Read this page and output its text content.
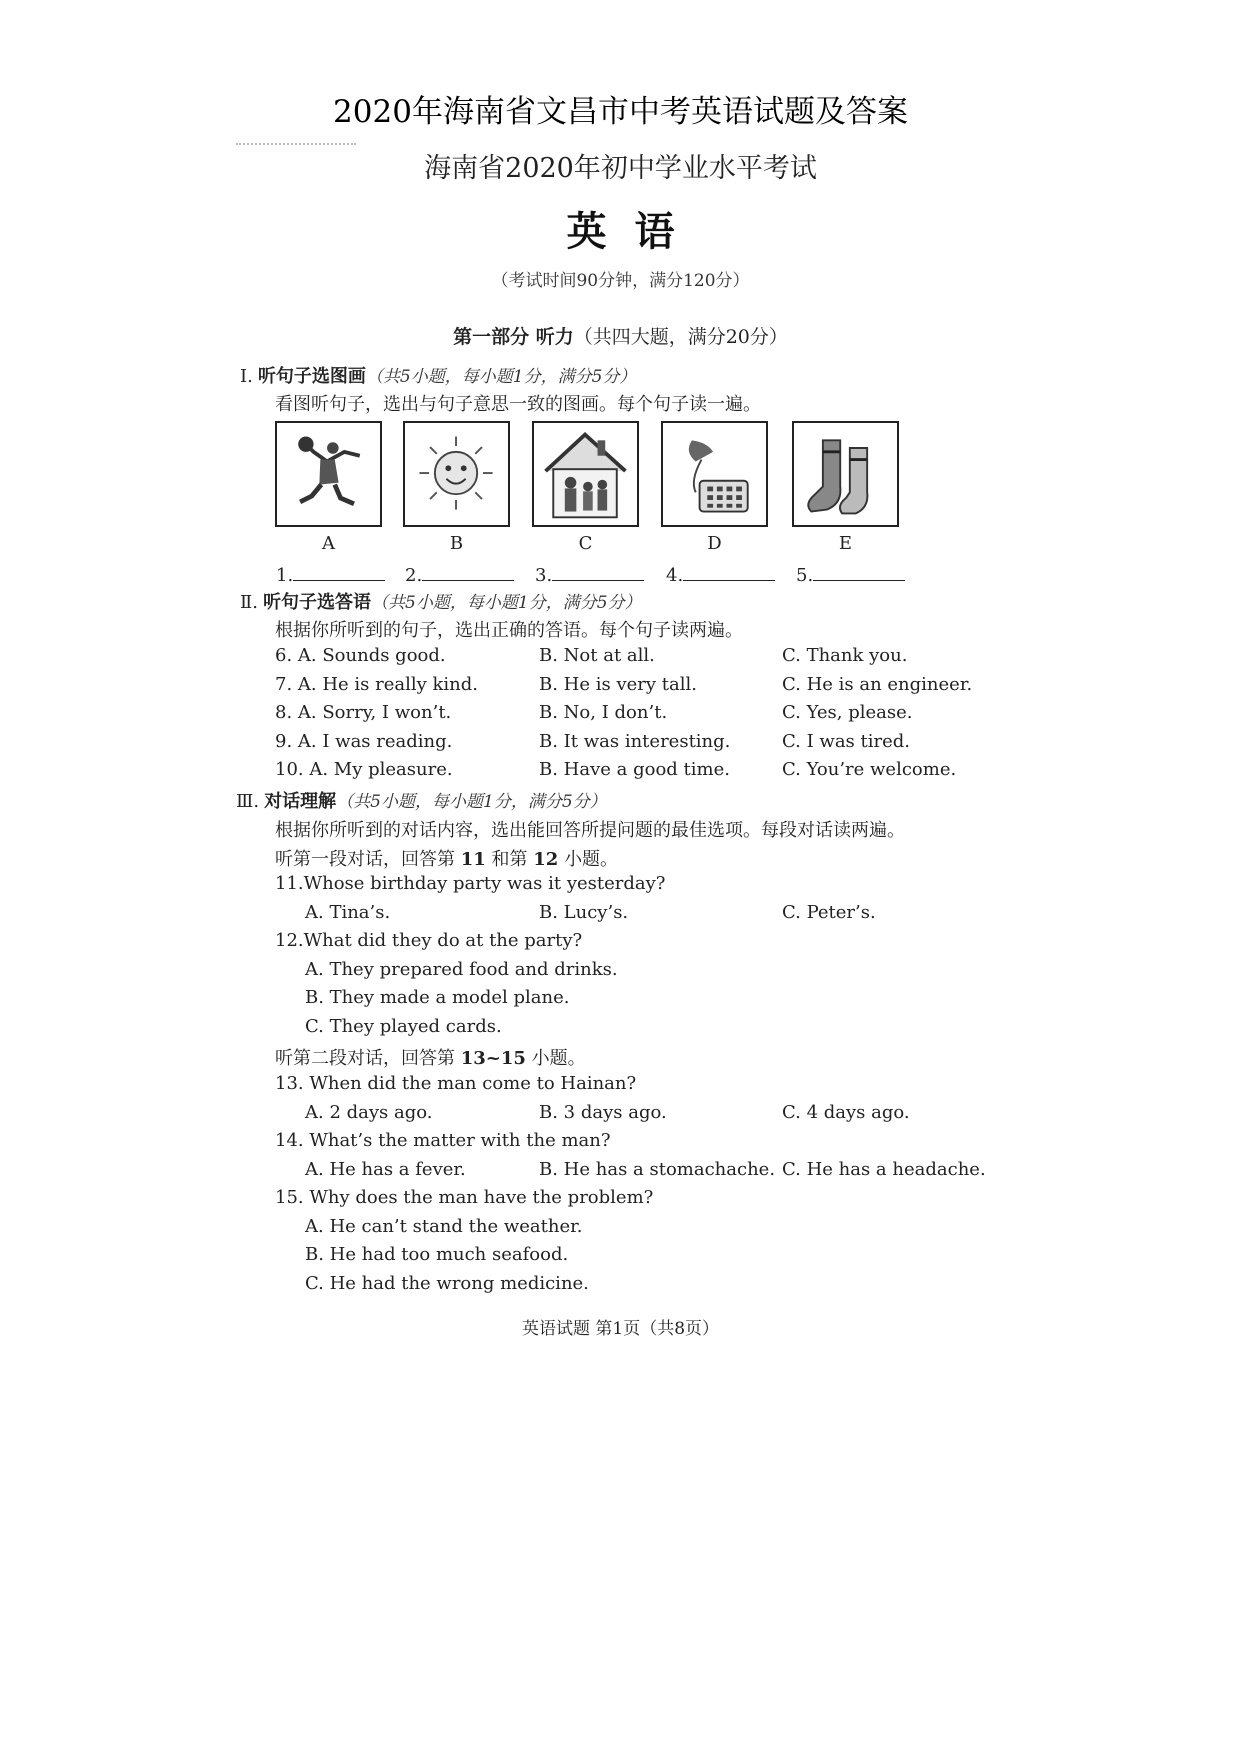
2020年海南省文昌市中考英语试题及答案
海南省2020年初中学业水平考试
英语
（考试时间90分钟，满分120分）
第一部分 听力（共四大题，满分20分）
Ⅰ. 听句子选图画（共5小题，每小题1分，满分5分）
看图听句子，选出与句子意思一致的图画。每个句子读一遍。
A	B	C	D	E
1.	2.	3.	4.	5.
Ⅱ. 听句子选答语（共5小题，每小题1分，满分5分）
根据你所听到的句子，选出正确的答语。每个句子读两遍。
6. A. Sounds good.	B. Not at all.	C. Thank you.
7. A. He is really kind.	B. He is very tall.	C. He is an engineer.
8. A. Sorry, I won’t.	B. No, I don’t.	C. Yes, please.
9. A. I was reading.	B. It was interesting.	C. I was tired.
10. A. My pleasure.	B. Have a good time.	C. You’re welcome.
Ⅲ. 对话理解（共5小题，每小题1分，满分5分）
根据你所听到的对话内容，选出能回答所提问题的最佳选项。每段对话读两遍。
听第一段对话，回答第 11 和第 12 小题。
11.Whose birthday party was it yesterday?
A. Tina’s.	B. Lucy’s.	C. Peter’s.
12.What did they do at the party?
A. They prepared food and drinks.
B. They made a model plane.
C. They played cards.
听第二段对话，回答第 13~15 小题。
13. When did the man come to Hainan?
A. 2 days ago.	B. 3 days ago.	C. 4 days ago.
14. What’s the matter with the man?
A. He has a fever.	B. He has a stomachache. C. He has a headache.
15. Why does the man have the problem?
A. He can’t stand the weather.
B. He had too much seafood.
C. He had the wrong medicine.
英语试题 第1页（共8页）
